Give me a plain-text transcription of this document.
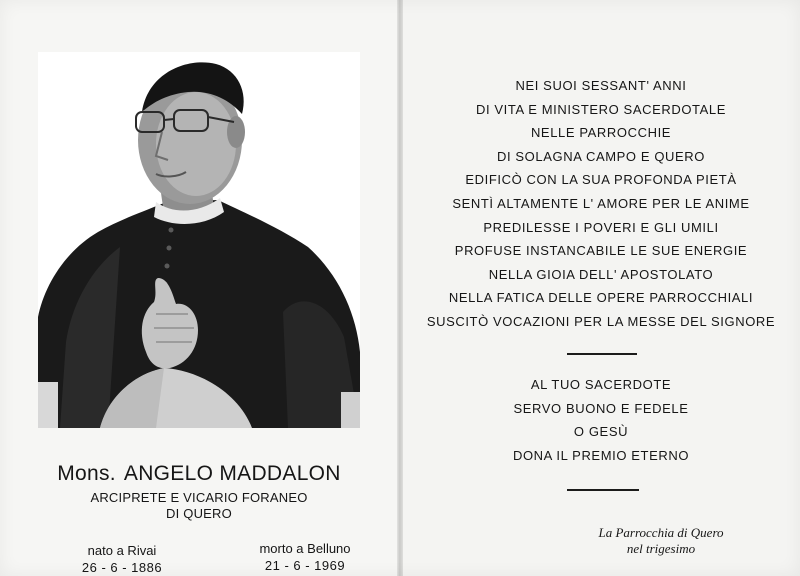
Mons. ANGELO MADDALON
ARCIPRETE E VICARIO FORANEO
DI QUERO
nato a Rivai
26 - 6 - 1886
morto a Belluno
21 - 6 - 1969
NEI SUOI SESSANT' ANNI
DI VITA E MINISTERO SACERDOTALE
NELLE PARROCCHIE
DI SOLAGNA CAMPO E QUERO
EDIFICÒ CON LA SUA PROFONDA PIETÀ
SENTÌ ALTAMENTE L' AMORE PER LE ANIME
PREDILESSE I POVERI E GLI UMILI
PROFUSE INSTANCABILE LE SUE ENERGIE
NELLA GIOIA DELL' APOSTOLATO
NELLA FATICA DELLE OPERE PARROCCHIALI
SUSCITÒ VOCAZIONI PER LA MESSE DEL SIGNORE
AL TUO SACERDOTE
SERVO BUONO E FEDELE
O GESÙ
DONA IL PREMIO ETERNO
La Parrocchia di Quero
nel trigesimo
